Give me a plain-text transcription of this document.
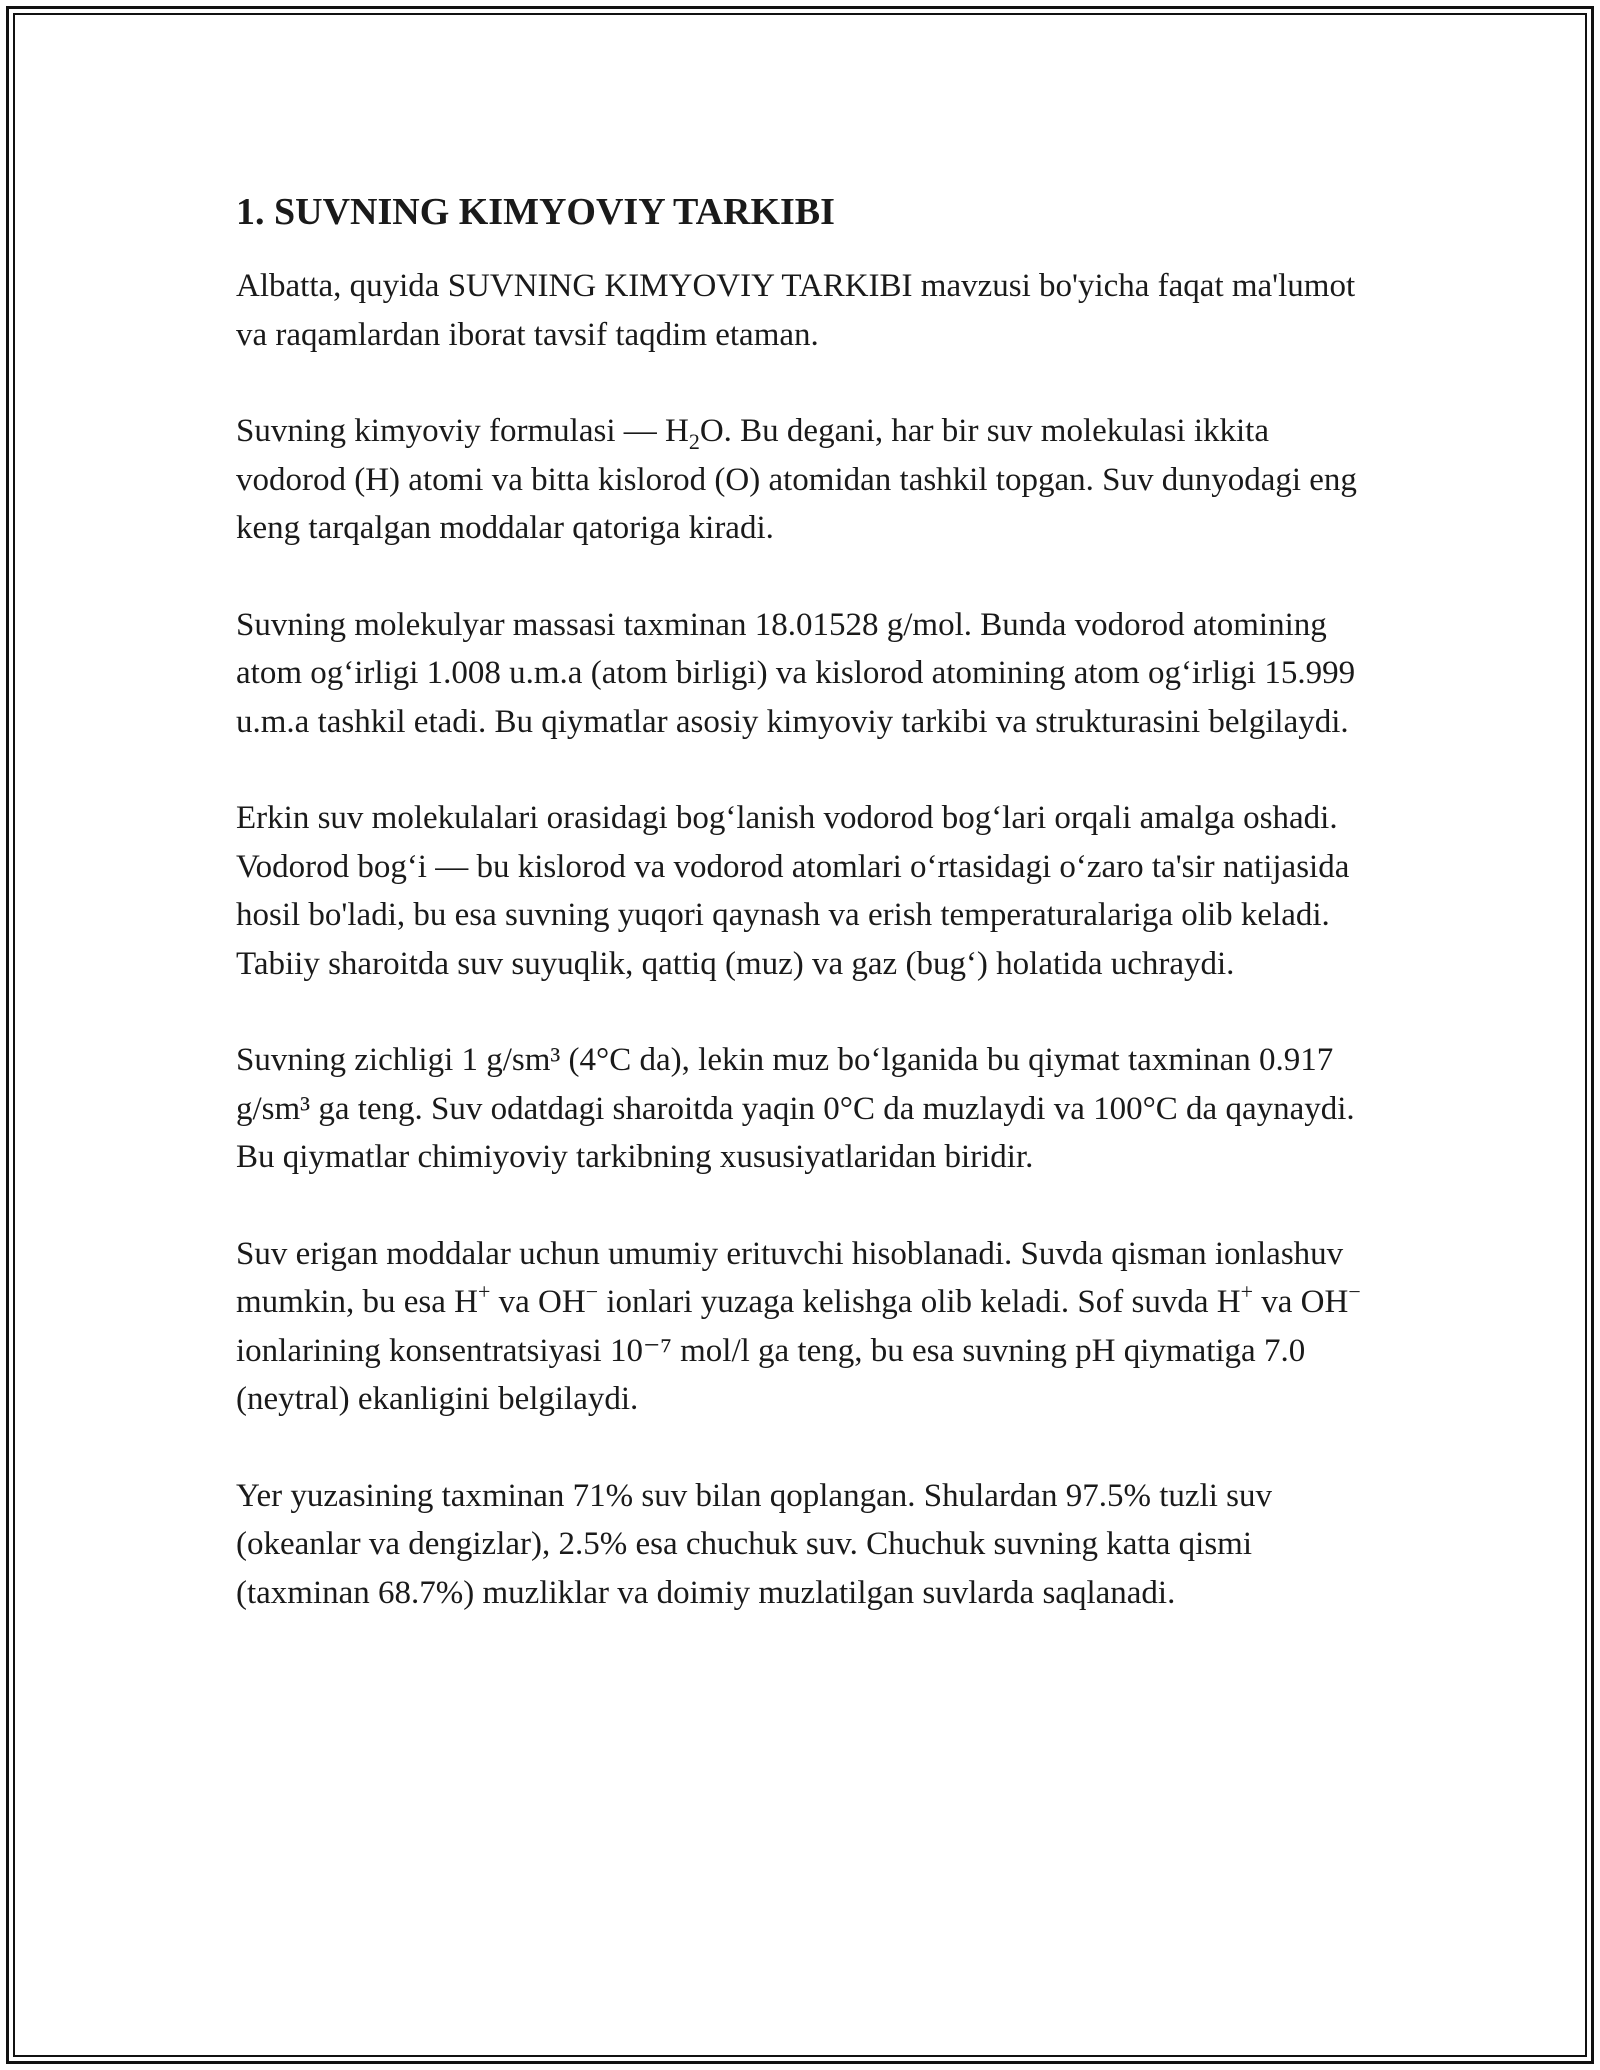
1. SUVNING KIMYOVIY TARKIBI

Albatta, quyida SUVNING KIMYOVIY TARKIBI mavzusi bo'yicha faqat ma'lumot va raqamlardan iborat tavsif taqdim etaman.

Suvning kimyoviy formulasi — $H_2O$. Bu degani, har bir suv molekulasi ikkita vodorod (H) atomi va bitta kislorod (O) atomidan tashkil topgan. Suv dunyodagi eng keng tarqalgan moddalar qatoriga kiradi.

Suvning molekulyar massasi taxminan 18.01528 g/mol. Bunda vodorod atomining atom og‘irligi 1.008 u.m.a (atom birligi) va kislorod atomining atom og‘irligi 15.999 u.m.a tashkil etadi. Bu qiymatlar asosiy kimyoviy tarkibi va strukturasini belgilaydi.

Erkin suv molekulalari orasidagi bog‘lanish vodorod bog‘lari orqali amalga oshadi. Vodorod bog‘i — bu kislorod va vodorod atomlari o‘rtasidagi o‘zaro ta'sir natijasida hosil bo'ladi, bu esa suvning yuqori qaynash va erish temperaturalariga olib keladi. Tabiiy sharoitda suv suyuqlik, qattiq (muz) va gaz (bug‘) holatida uchraydi.

Suvning zichligi 1 g/sm³ (4°C da), lekin muz bo‘lganida bu qiymat taxminan 0.917 g/sm³ ga teng. Suv odatdagi sharoitda yaqin 0°C da muzlaydi va 100°C da qaynaydi. Bu qiymatlar chimiyoviy tarkibning xususiyatlaridan biridir.

Suv erigan moddalar uchun umumiy erituvchi hisoblanadi. Suvda qisman ionlashuv mumkin, bu esa H+ va OH− ionlari yuzaga kelishga olib keladi. Sof suvda H+ va OH− ionlarining konsentratsiyasi 10⁻⁷ mol/l ga teng, bu esa suvning pH qiymatiga 7.0 (neytral) ekanligini belgilaydi.

Yer yuzasining taxminan 71% suv bilan qoplangan. Shulardan 97.5% tuzli suv (okeanlar va dengizlar), 2.5% esa chuchuk suv. Chuchuk suvning katta qismi (taxminan 68.7%) muzliklar va doimiy muzlatilgan suvlarda saqlanadi.
